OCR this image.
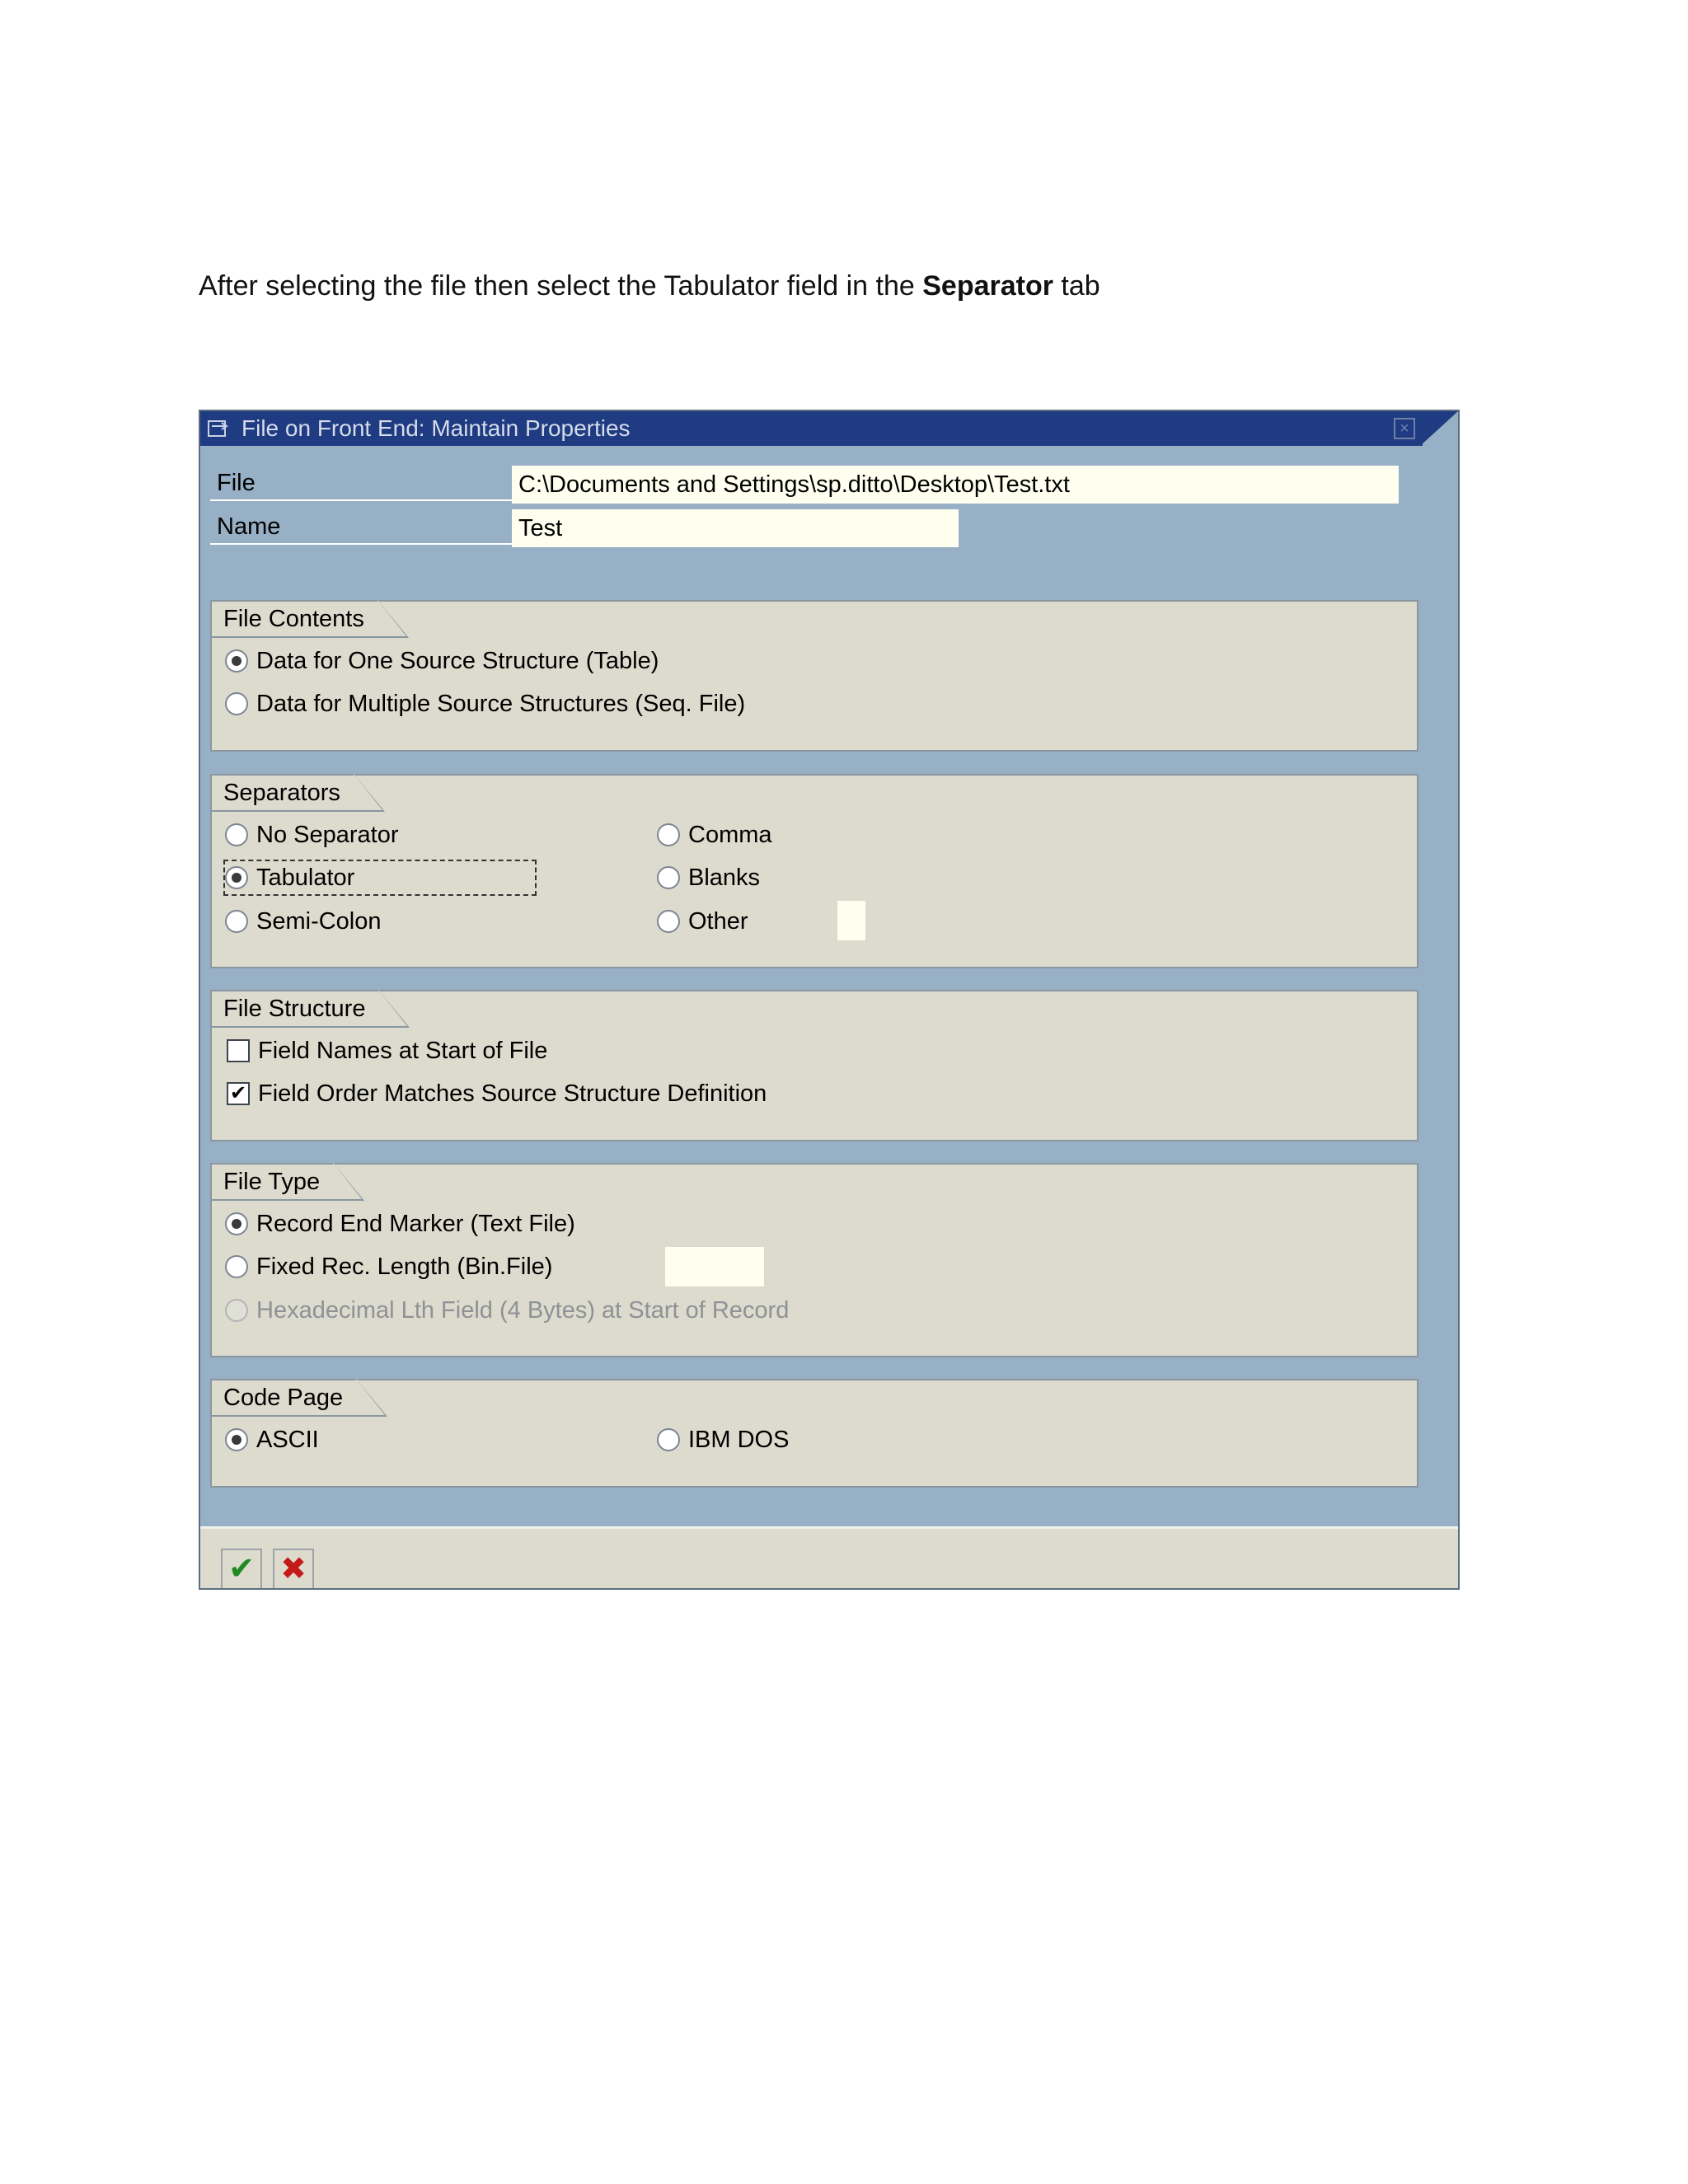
After selecting the file then select the Tabulator field in the Separator tab
File on Front End: Maintain Properties	×
File	C:\Documents and Settings\sp.ditto\Desktop\Test.txt
Name	Test
File Contents
Data for One Source Structure (Table)
Data for Multiple Source Structures (Seq. File)
Separators
No Separator
Tabulator
Semi-Colon
Comma
Blanks
Other
File Structure
Field Names at Start of File
✔ Field Order Matches Source Structure Definition
File Type
Record End Marker (Text File)
Fixed Rec. Length (Bin.File)
Hexadecimal Lth Field (4 Bytes) at Start of Record
Code Page
ASCII	IBM DOS
✔ ✖
